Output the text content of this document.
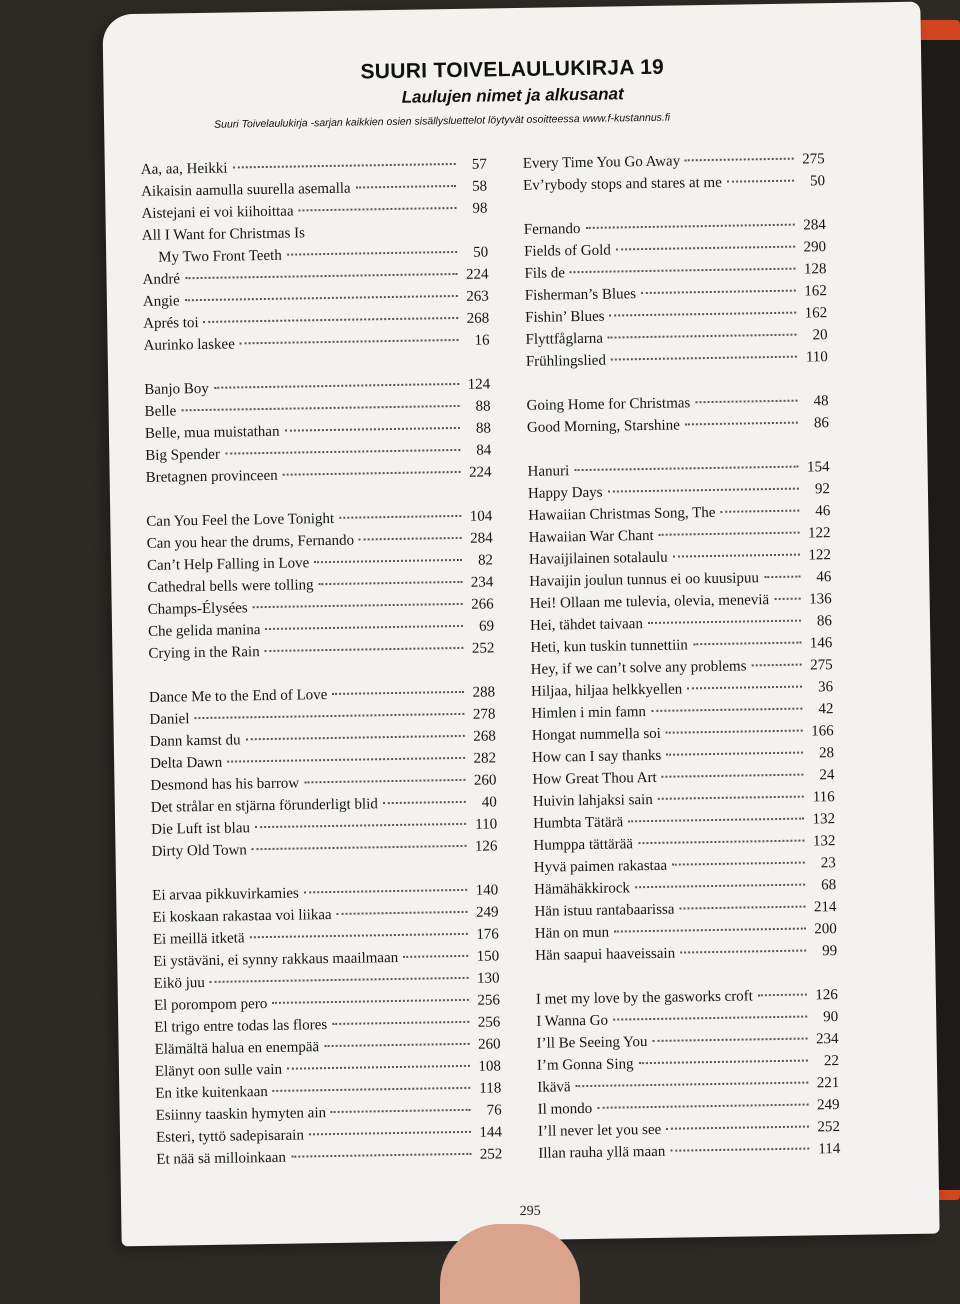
SUURI TOIVELAULUKIRJA 19
Laulujen nimet ja alkusanat
Suuri Toivelaulukirja -sarjan kaikkien osien sisällysluettelot löytyvät osoitteessa www.f-kustannus.fi
Aa, aa, Heikki	57
Aikaisin aamulla suurella asemalla	58
Aistejani ei voi kiihoittaa	98
All I Want for Christmas Is
My Two Front Teeth	50
André	224
Angie	263
Aprés toi	268
Aurinko laskee	16
Banjo Boy	124
Belle	88
Belle, mua muistathan	88
Big Spender	84
Bretagnen provinceen	224
Can You Feel the Love Tonight	104
Can you hear the drums, Fernando	284
Can’t Help Falling in Love	82
Cathedral bells were tolling	234
Champs-Élysées	266
Che gelida manina	69
Crying in the Rain	252
Dance Me to the End of Love	288
Daniel	278
Dann kamst du	268
Delta Dawn	282
Desmond has his barrow	260
Det strålar en stjärna förunderligt blid	40
Die Luft ist blau	110
Dirty Old Town	126
Ei arvaa pikkuvirkamies	140
Ei koskaan rakastaa voi liikaa	249
Ei meillä itketä	176
Ei ystäväni, ei synny rakkaus maailmaan	150
Eikö juu	130
El porompom pero	256
El trigo entre todas las flores	256
Elämältä halua en enempää	260
Elänyt oon sulle vain	108
En itke kuitenkaan	118
Esiinny taaskin hymyten ain	76
Esteri, tyttö sadepisarain	144
Et nää sä milloinkaan	252
Every Time You Go Away	275
Ev’rybody stops and stares at me	50
Fernando	284
Fields of Gold	290
Fils de	128
Fisherman’s Blues	162
Fishin’ Blues	162
Flyttfåglarna	20
Frühlingslied	110
Going Home for Christmas	48
Good Morning, Starshine	86
Hanuri	154
Happy Days	92
Hawaiian Christmas Song, The	46
Hawaiian War Chant	122
Havaijilainen sotalaulu	122
Havaijin joulun tunnus ei oo kuusipuu	46
Hei! Ollaan me tulevia, olevia, meneviä	136
Hei, tähdet taivaan	86
Heti, kun tuskin tunnettiin	146
Hey, if we can’t solve any problems	275
Hiljaa, hiljaa helkkyellen	36
Himlen i min famn	42
Hongat nummella soi	166
How can I say thanks	28
How Great Thou Art	24
Huivin lahjaksi sain	116
Humbta Tätärä	132
Humppa tättärää	132
Hyvä paimen rakastaa	23
Hämähäkkirock	68
Hän istuu rantabaarissa	214
Hän on mun	200
Hän saapui haaveissain	99
I met my love by the gasworks croft	126
I Wanna Go	90
I’ll Be Seeing You	234
I’m Gonna Sing	22
Ikävä	221
Il mondo	249
I’ll never let you see	252
Illan rauha yllä maan	114
295
